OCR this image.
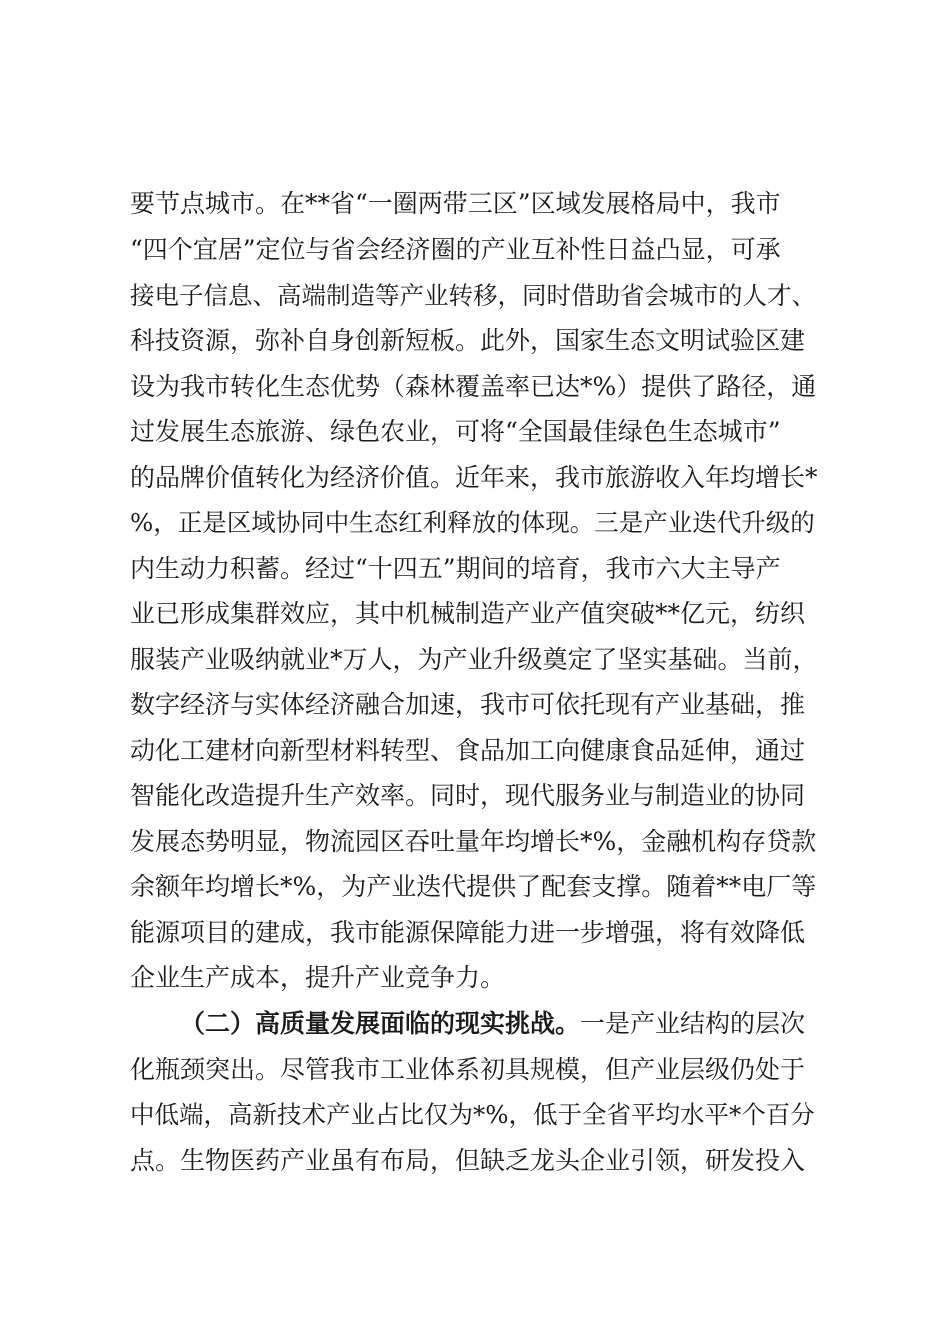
要节点城市。在**省“一圈两带三区”区域发展格局中，我市
“四个宜居”定位与省会经济圈的产业互补性日益凸显，可承
接电子信息、高端制造等产业转移，同时借助省会城市的人才、
科技资源，弥补自身创新短板。此外，国家生态文明试验区建
设为我市转化生态优势（森林覆盖率已达*%）提供了路径，通
过发展生态旅游、绿色农业，可将“全国最佳绿色生态城市”
的品牌价值转化为经济价值。近年来，我市旅游收入年均增长*
%，正是区域协同中生态红利释放的体现。三是产业迭代升级的
内生动力积蓄。经过“十四五”期间的培育，我市六大主导产
业已形成集群效应，其中机械制造产业产值突破**亿元，纺织
服装产业吸纳就业*万人，为产业升级奠定了坚实基础。当前，
数字经济与实体经济融合加速，我市可依托现有产业基础，推
动化工建材向新型材料转型、食品加工向健康食品延伸，通过
智能化改造提升生产效率。同时，现代服务业与制造业的协同
发展态势明显，物流园区吞吐量年均增长*%，金融机构存贷款
余额年均增长*%，为产业迭代提供了配套支撑。随着**电厂等
能源项目的建成，我市能源保障能力进一步增强，将有效降低
企业生产成本，提升产业竞争力。
（二）高质量发展面临的现实挑战。一是产业结构的层次
化瓶颈突出。尽管我市工业体系初具规模，但产业层级仍处于
中低端，高新技术产业占比仅为*%，低于全省平均水平*个百分
点。生物医药产业虽有布局，但缺乏龙头企业引领，研发投入
